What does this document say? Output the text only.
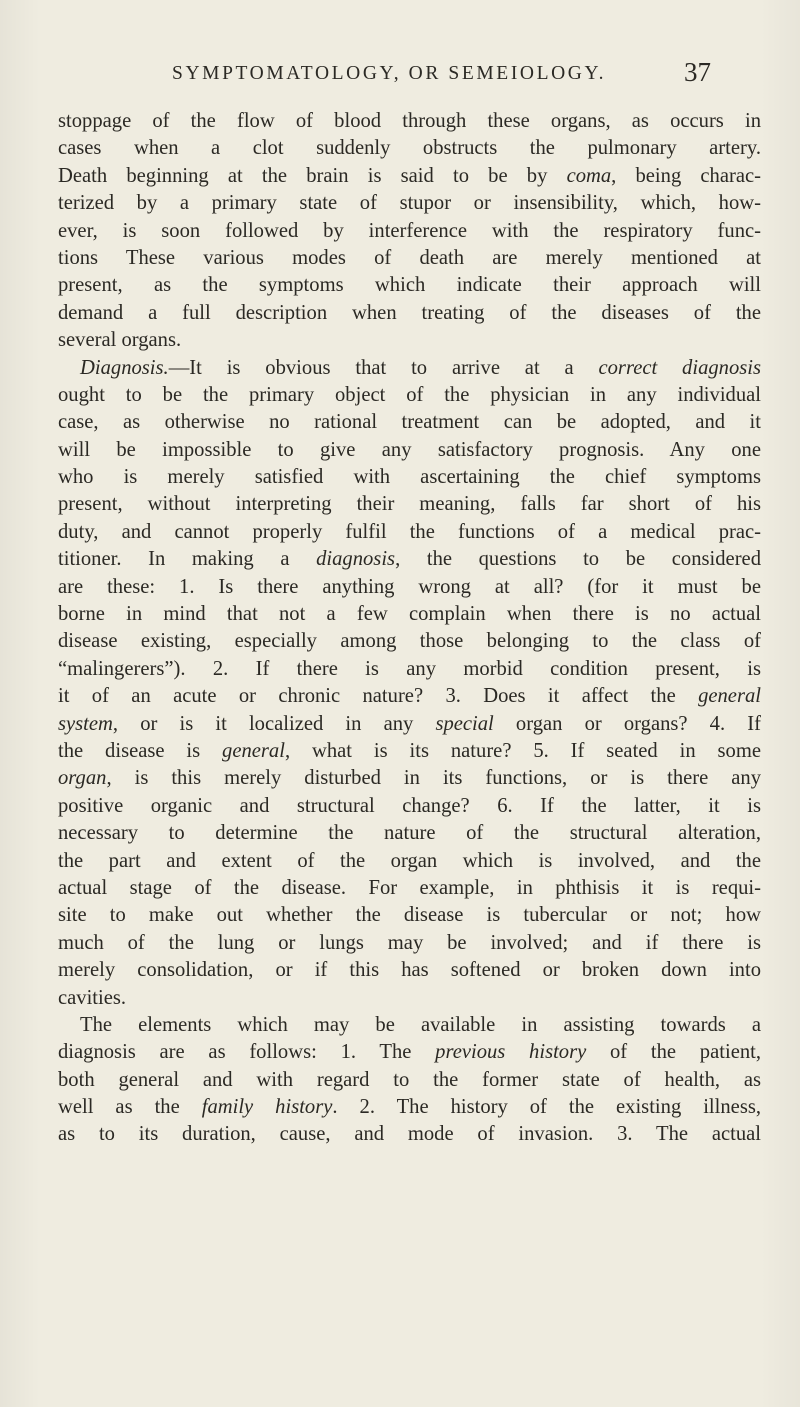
SYMPTOMATOLOGY, OR SEMEIOLOGY.	37
stoppage of the flow of blood through these organs, as occurs in
cases when a clot suddenly obstructs the pulmonary artery.
Death beginning at the brain is said to be by coma, being charac-
terized by a primary state of stupor or insensibility, which, how-
ever, is soon followed by interference with the respiratory func-
tions These various modes of death are merely mentioned at
present, as the symptoms which indicate their approach will
demand a full description when treating of the diseases of the
several organs.
Diagnosis.—It is obvious that to arrive at a correct diagnosis
ought to be the primary object of the physician in any individual
case, as otherwise no rational treatment can be adopted, and it
will be impossible to give any satisfactory prognosis. Any one
who is merely satisfied with ascertaining the chief symptoms
present, without interpreting their meaning, falls far short of his
duty, and cannot properly fulfil the functions of a medical prac-
titioner. In making a diagnosis, the questions to be considered
are these: 1. Is there anything wrong at all? (for it must be
borne in mind that not a few complain when there is no actual
disease existing, especially among those belonging to the class of
“malingerers”). 2. If there is any morbid condition present, is
it of an acute or chronic nature? 3. Does it affect the general
system, or is it localized in any special organ or organs? 4. If
the disease is general, what is its nature? 5. If seated in some
organ, is this merely disturbed in its functions, or is there any
positive organic and structural change? 6. If the latter, it is
necessary to determine the nature of the structural alteration,
the part and extent of the organ which is involved, and the
actual stage of the disease. For example, in phthisis it is requi-
site to make out whether the disease is tubercular or not; how
much of the lung or lungs may be involved; and if there is
merely consolidation, or if this has softened or broken down into
cavities.
The elements which may be available in assisting towards a
diagnosis are as follows: 1. The previous history of the patient,
both general and with regard to the former state of health, as
well as the family history. 2. The history of the existing illness,
as to its duration, cause, and mode of invasion. 3. The actual
